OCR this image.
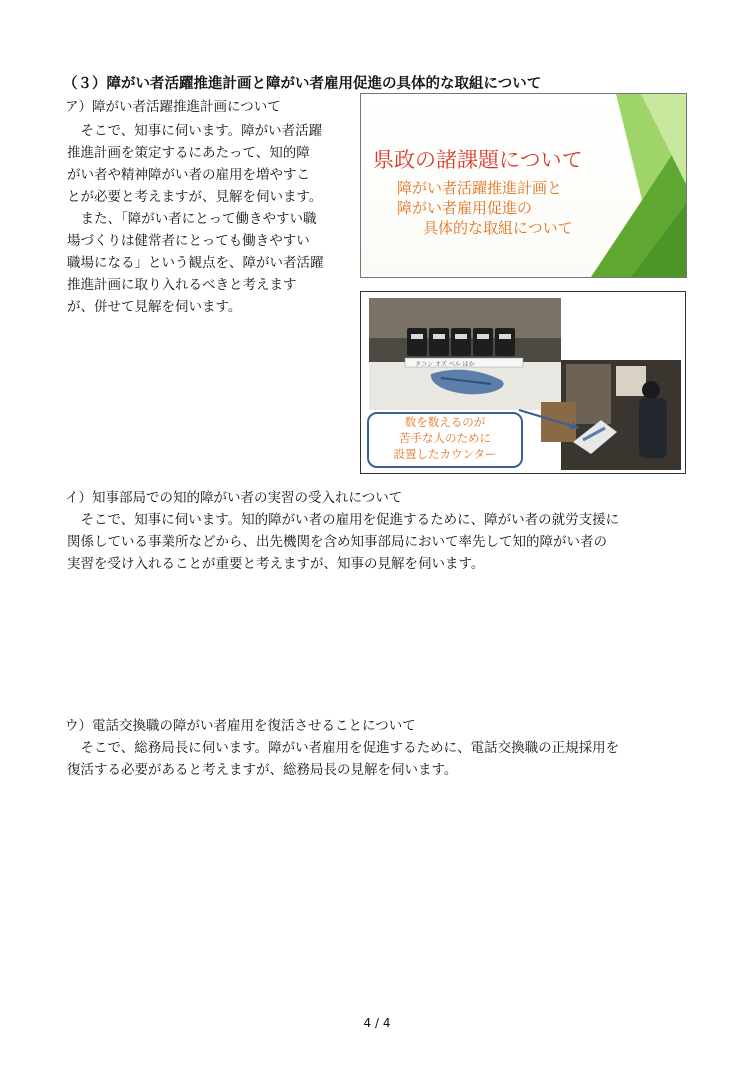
（３）障がい者活躍推進計画と障がい者雇用促進の具体的な取組について
ア）障がい者活躍推進計画について
　そこで、知事に伺います。障がい者活躍
推進計画を策定するにあたって、知的障
がい者や精神障がい者の雇用を増やすこ
とが必要と考えますが、見解を伺います。
　また、「障がい者にとって働きやすい職
場づくりは健常者にとっても働きやすい
職場になる」という観点を、障がい者活躍
推進計画に取り入れるべきと考えます
が、併せて見解を伺います。
県政の諸課題について
障がい者活躍推進計画と
障がい者雇用促進の
具体的な取組について
数を数えるのが
苦手な人のために
設置したカウンター
タコン オズ ベル ほか
イ）知事部局での知的障がい者の実習の受入れについて
　そこで、知事に伺います。知的障がい者の雇用を促進するために、障がい者の就労支援に
関係している事業所などから、出先機関を含め知事部局において率先して知的障がい者の
実習を受け入れることが重要と考えますが、知事の見解を伺います。
ウ）電話交換職の障がい者雇用を復活させることについて
　そこで、総務局長に伺います。障がい者雇用を促進するために、電話交換職の正規採用を
復活する必要があると考えますが、総務局長の見解を伺います。
4 / 4
